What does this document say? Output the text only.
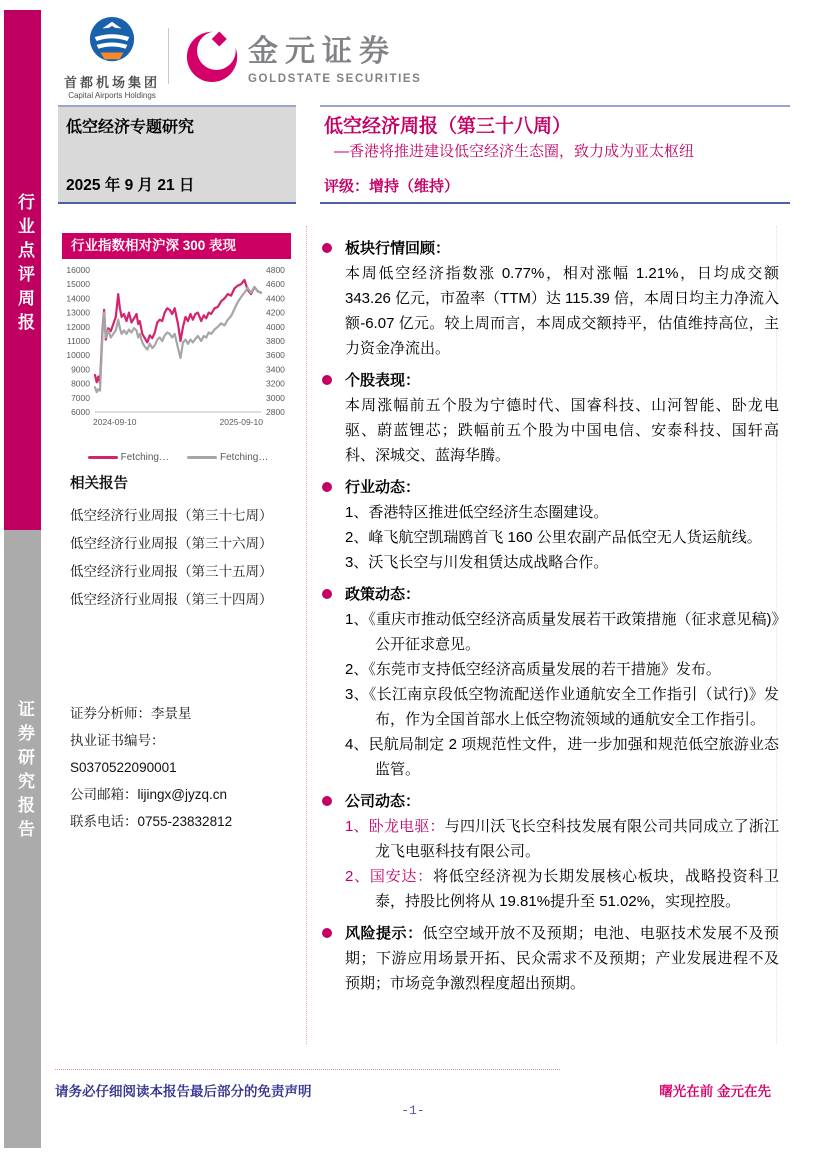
行业点评周报
证券研究报告
首都机场集团
Capital Airports Holdings
金元证券
GOLDSTATE SECURITIES
低空经济专题研究
2025 年 9 月 21 日
行业指数相对沪深 300 表现
6000
7000
8000
9000
10000
11000
12000
13000
14000
15000
16000
2800
3000
3200
3400
3600
3800
4000
4200
4400
4600
4800
2024-09-10	2025-09-10
Fetching…	Fetching…
相关报告
低空经济行业周报（第三十七周）
低空经济行业周报（第三十六周）
低空经济行业周报（第三十五周）
低空经济行业周报（第三十四周）
证券分析师：李景星
执业证书编号：
S0370522090001
公司邮箱：lijingx@jyzq.cn
联系电话：0755-23832812
低空经济周报（第三十八周）
—香港将推进建设低空经济生态圈，致力成为亚太枢纽
评级：增持（维持）
板块行情回顾：
本周低空经济指数涨 0.77%，相对涨幅 1.21%，日均成交额 343.26 亿元，市盈率（TTM）达 115.39 倍，本周日均主力净流入额-6.07 亿元。较上周而言，本周成交额持平，估值维持高位，主力资金净流出。
个股表现：
本周涨幅前五个股为宁德时代、国睿科技、山河智能、卧龙电驱、蔚蓝锂芯；跌幅前五个股为中国电信、安泰科技、国轩高科、深城交、蓝海华腾。
行业动态：
1、香港特区推进低空经济生态圈建设。
2、峰飞航空凯瑞鸥首飞 160 公里农副产品低空无人货运航线。
3、沃飞长空与川发租赁达成战略合作。
政策动态：
1、《重庆市推动低空经济高质量发展若干政策措施（征求意见稿)》公开征求意见。
2、《东莞市支持低空经济高质量发展的若干措施》发布。
3、《长江南京段低空物流配送作业通航安全工作指引（试行)》发布，作为全国首部水上低空物流领域的通航安全工作指引。
4、民航局制定 2 项规范性文件，进一步加强和规范低空旅游业态监管。
公司动态：
1、卧龙电驱：与四川沃飞长空科技发展有限公司共同成立了浙江龙飞电驱科技有限公司。
2、国安达：将低空经济视为长期发展核心板块，战略投资科卫泰，持股比例将从 19.81%提升至 51.02%，实现控股。
风险提示：低空空域开放不及预期；电池、电驱技术发展不及预期；下游应用场景开拓、民众需求不及预期；产业发展进程不及预期；市场竞争激烈程度超出预期。
请务必仔细阅读本报告最后部分的免责声明	曙光在前 金元在先
-1-
